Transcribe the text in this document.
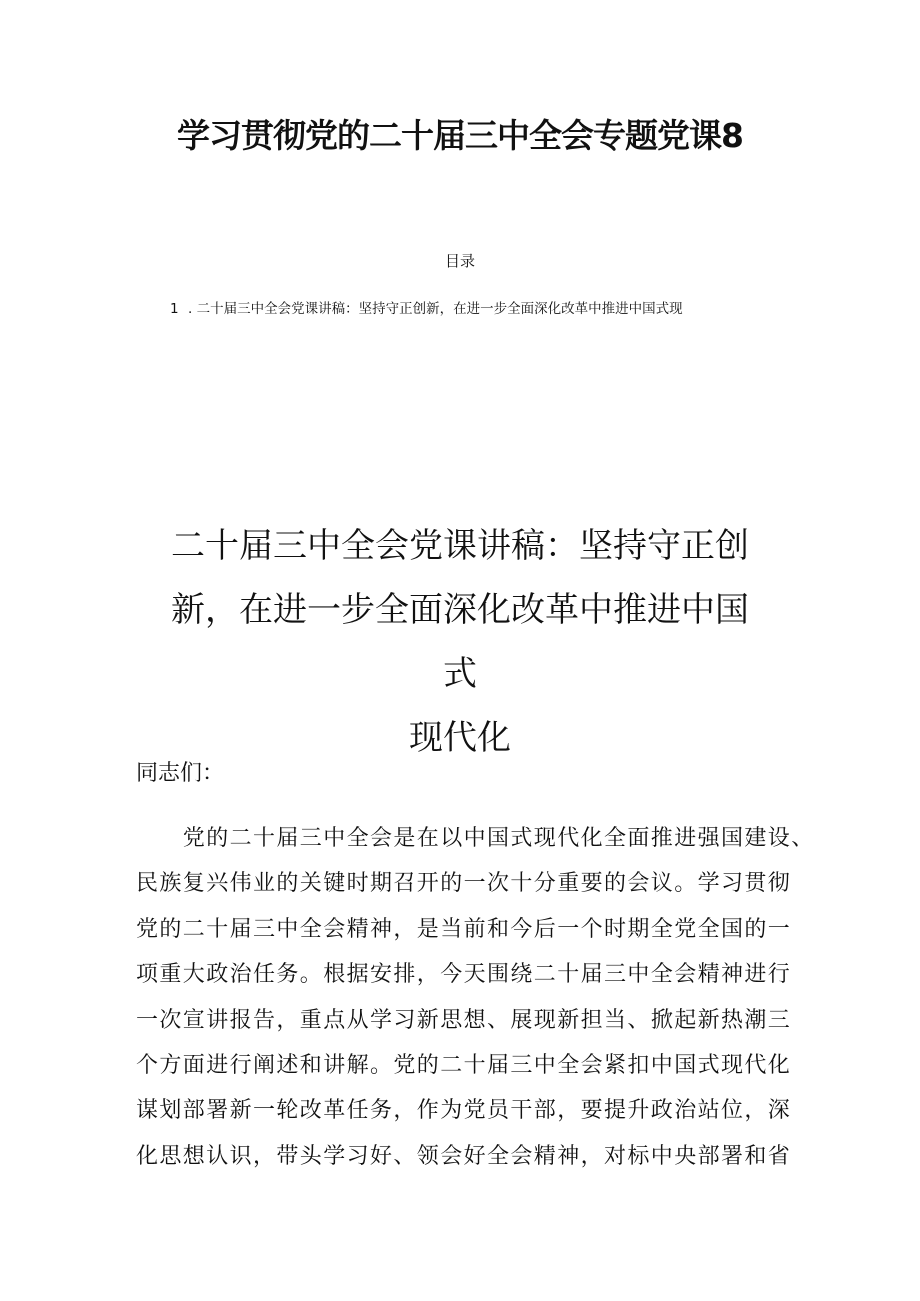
学习贯彻党的二十届三中全会专题党课8
目录
1 . 二十届三中全会党课讲稿：坚持守正创新，在进一步全面深化改革中推进中国式现
二十届三中全会党课讲稿：坚持守正创
新，在进一步全面深化改革中推进中国式
现代化
同志们：
　　党的二十届三中全会是在以中国式现代化全面推进强国建设、
民族复兴伟业的关键时期召开的一次十分重要的会议。学习贯彻
党的二十届三中全会精神，是当前和今后一个时期全党全国的一
项重大政治任务。根据安排，今天围绕二十届三中全会精神进行
一次宣讲报告，重点从学习新思想、展现新担当、掀起新热潮三
个方面进行阐述和讲解。党的二十届三中全会紧扣中国式现代化
谋划部署新一轮改革任务，作为党员干部，要提升政治站位，深
化思想认识，带头学习好、领会好全会精神，对标中央部署和省
